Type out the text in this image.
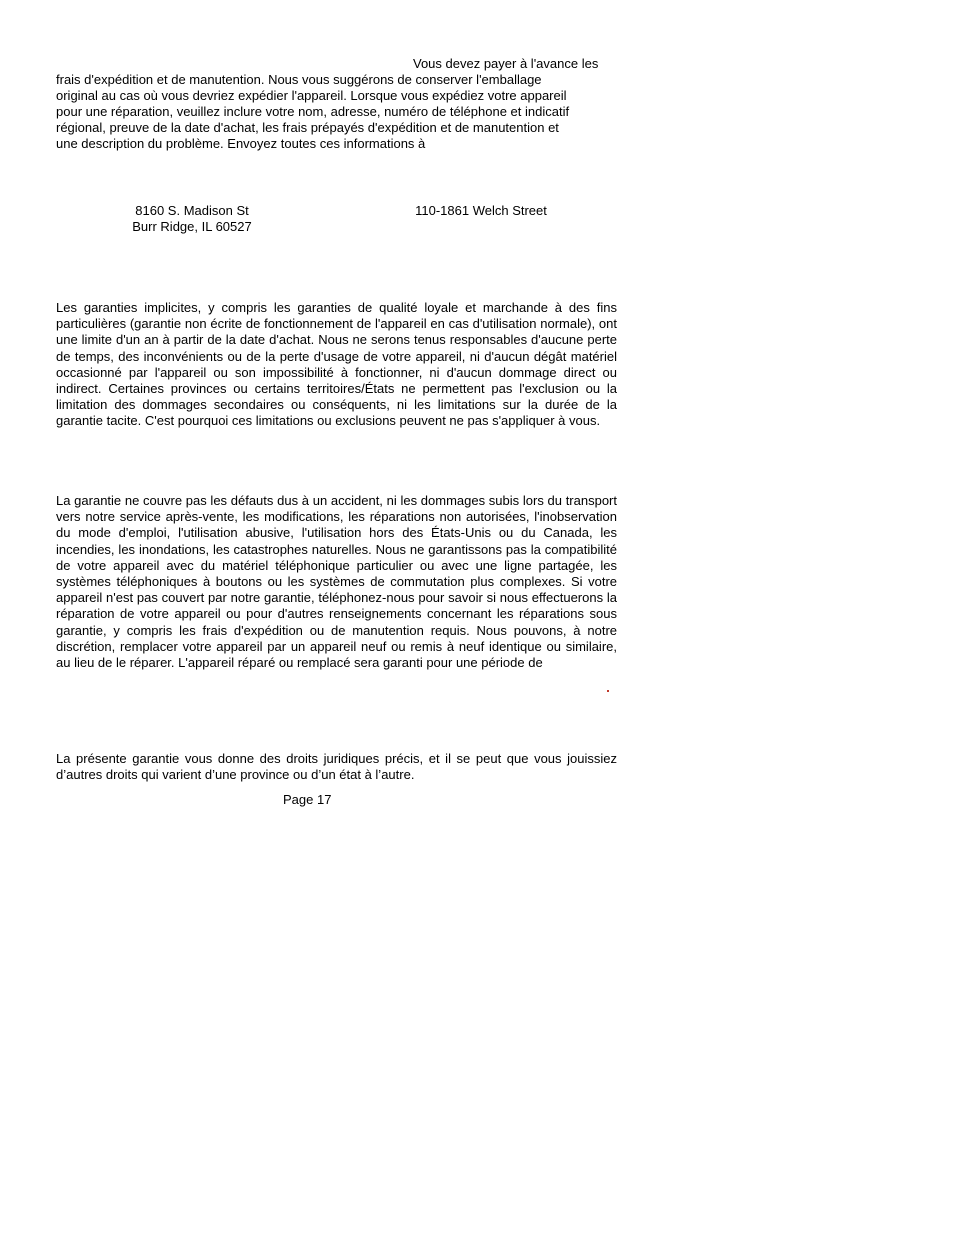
Vous devez payer à l'avance les

frais d'expédition et de manutention. Nous vous suggérons de conserver l'emballage

original au cas où vous devriez expédier l'appareil. Lorsque vous expédiez votre appareil

pour une réparation, veuillez inclure votre nom, adresse, numéro de téléphone et indicatif

régional, preuve de la date d'achat, les frais prépayés d'expédition et de manutention et

une description du problème. Envoyez toutes ces informations à

8160 S. Madison St
Burr Ridge, IL 60527
110-1861 Welch Street

Les garanties implicites, y compris les garanties de qualité loyale et marchande à des fins particulières (garantie non écrite de fonctionnement de l'appareil en cas d'utilisation normale), ont une limite d'un an à partir de la date d'achat. Nous ne serons tenus responsables d'aucune perte de temps, des inconvénients ou de la perte d'usage de votre appareil, ni d'aucun dégât matériel occasionné par l'appareil ou son impossibilité à fonctionner, ni d'aucun dommage direct ou indirect. Certaines provinces ou certains territoires/États ne permettent pas l'exclusion ou la limitation des dommages secondaires ou conséquents, ni les limitations sur la durée de la garantie tacite. C'est pourquoi ces limitations ou exclusions peuvent ne pas s'appliquer à vous.

La garantie ne couvre pas les défauts dus à un accident, ni les dommages subis lors du transport vers notre service après-vente, les modifications, les réparations non autorisées, l'inobservation du mode d'emploi, l'utilisation abusive, l'utilisation hors des États-Unis ou du Canada, les incendies, les inondations, les catastrophes naturelles. Nous ne garantissons pas la compatibilité de votre appareil avec du matériel téléphonique particulier ou avec une ligne partagée, les systèmes téléphoniques à boutons ou les systèmes de commutation plus complexes. Si votre appareil n'est pas couvert par notre garantie, téléphonez-nous pour savoir si nous effectuerons la réparation de votre appareil ou pour d'autres renseignements concernant les réparations sous garantie, y compris les frais d'expédition ou de manutention requis. Nous pouvons, à notre discrétion, remplacer votre appareil par un appareil neuf ou remis à neuf identique ou similaire, au lieu de le réparer. L'appareil réparé ou remplacé sera garanti pour une période de

La présente garantie vous donne des droits juridiques précis, et il se peut que vous jouissiez d’autres droits qui varient d’une province ou d’un état à l’autre.

Page 17
